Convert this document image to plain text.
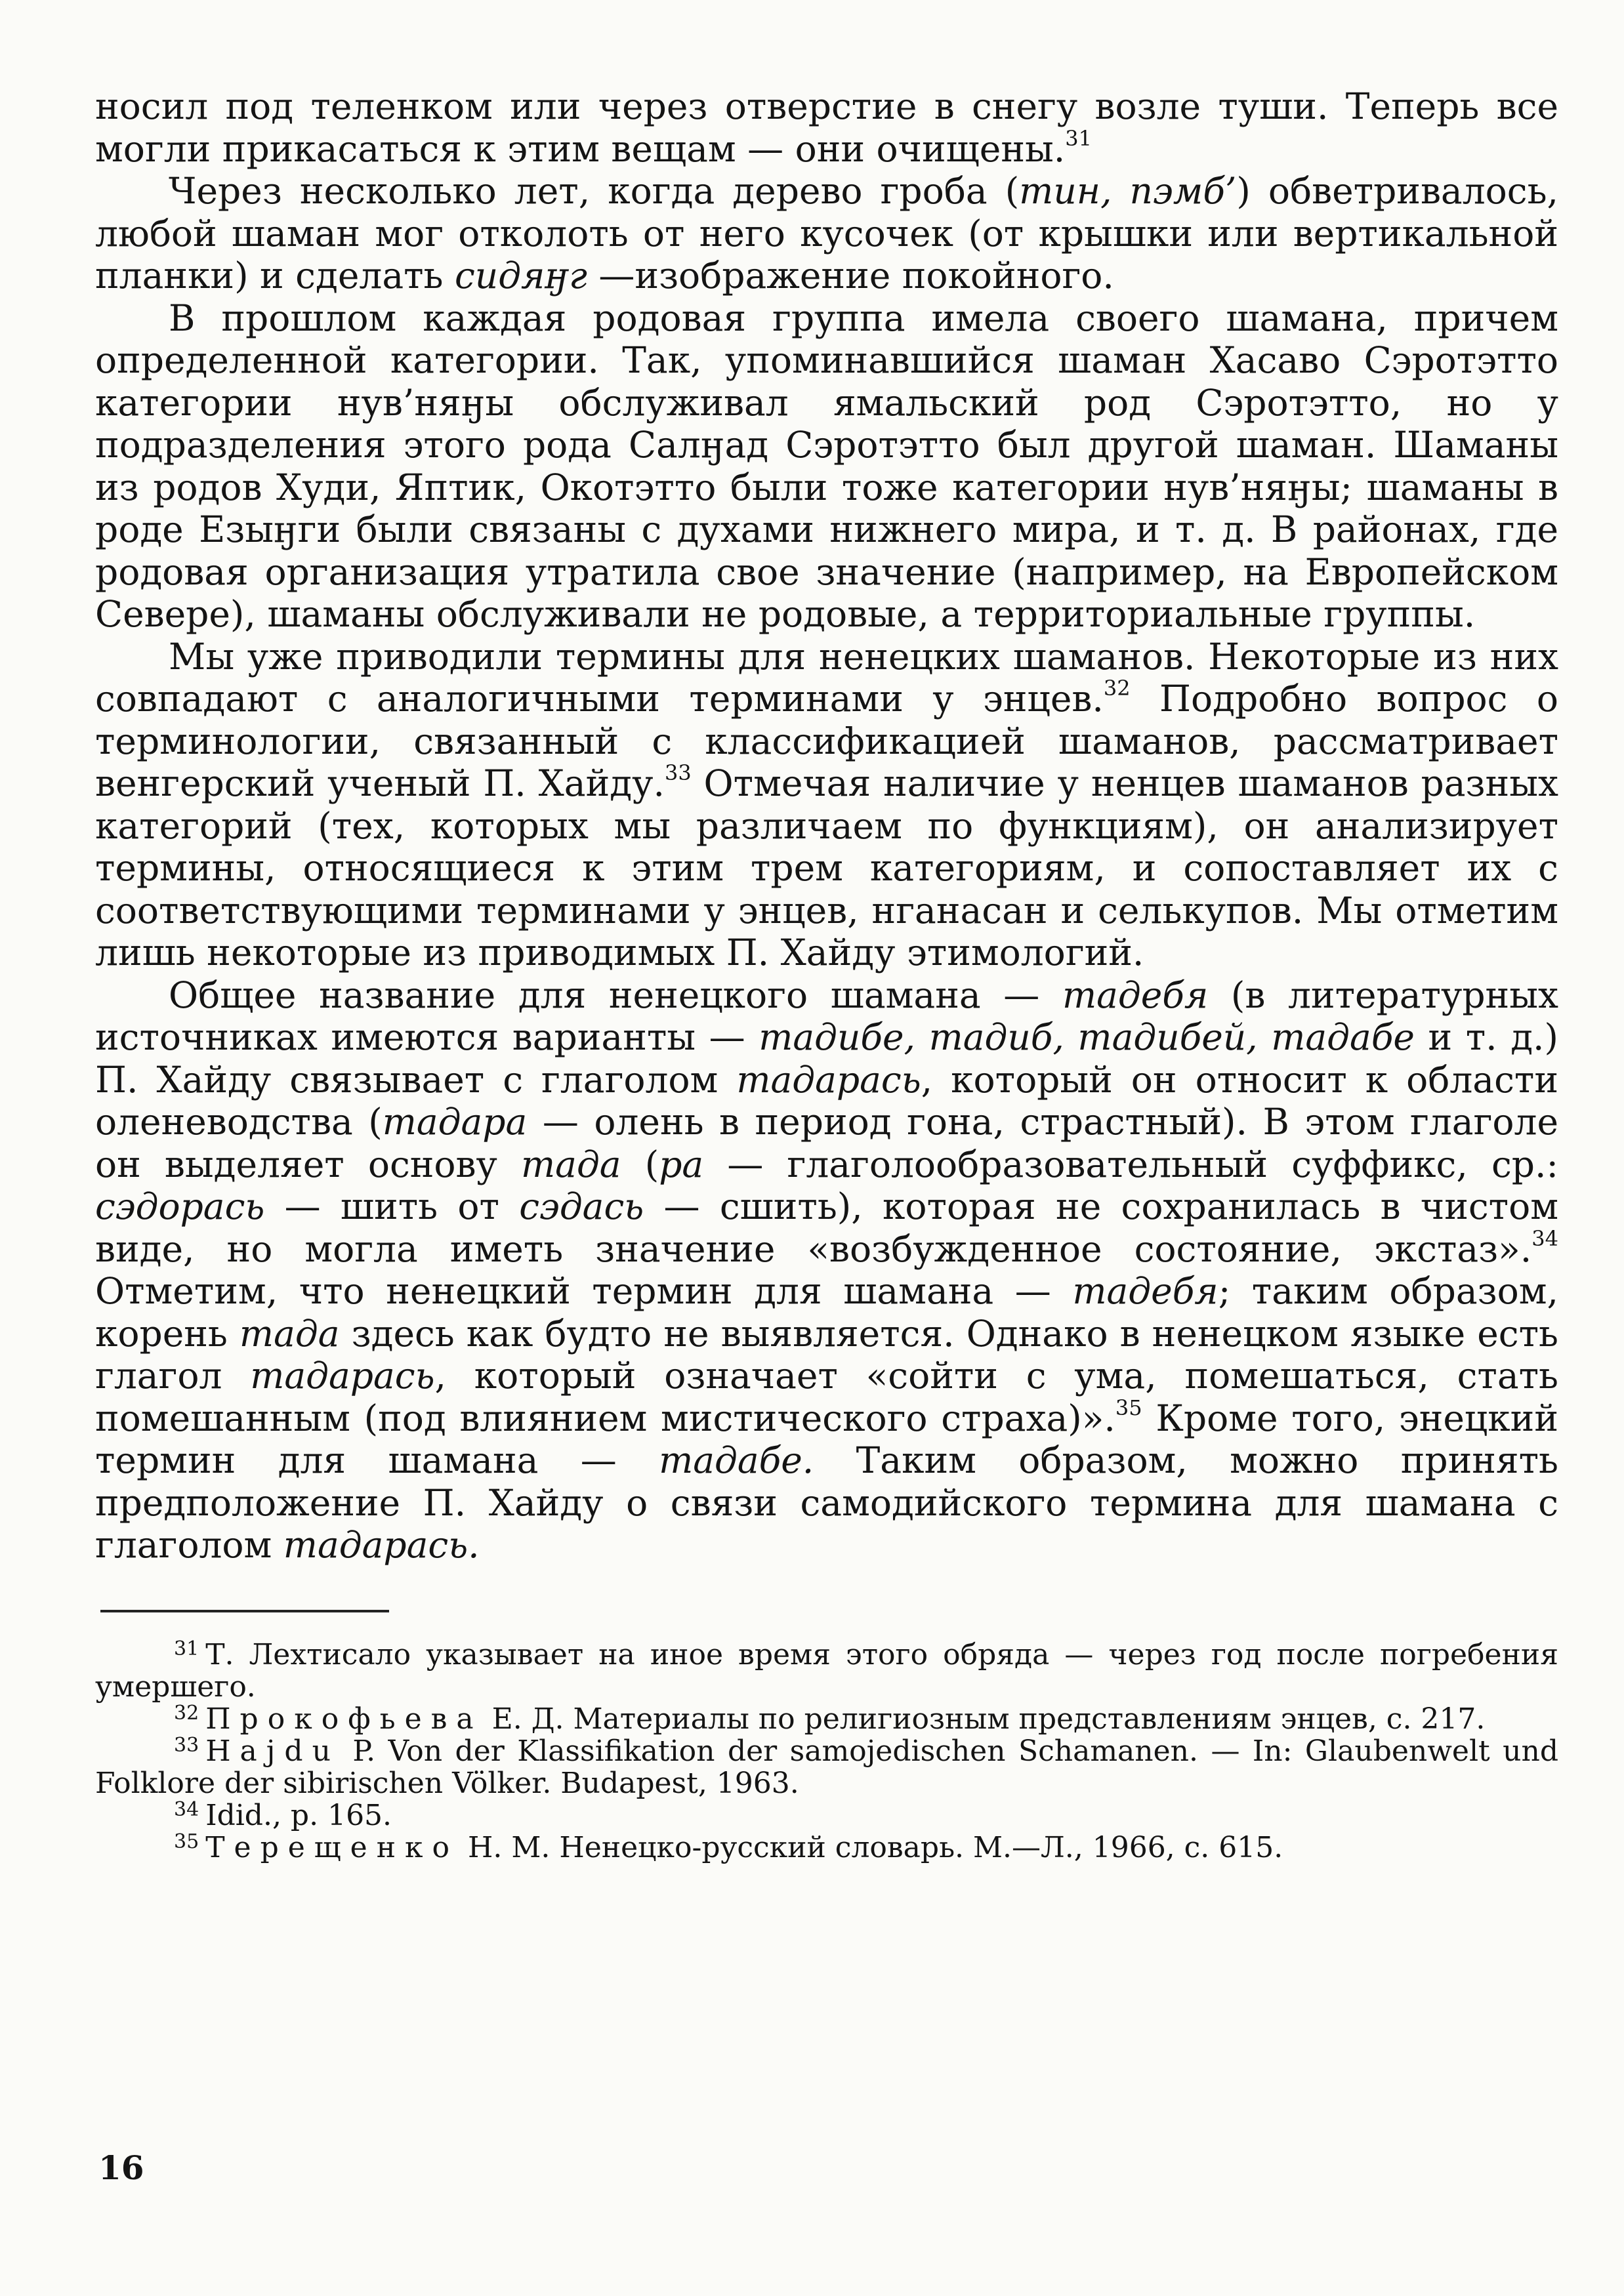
носил под теленком или через отверстие в снегу возле туши. Теперь все могли прикасаться к этим вещам — они очищены.$^{31}$

Через несколько лет, когда дерево гроба (тин, пэмб’) обветривалось, любой шаман мог отколоть от него кусочек (от крышки или вертикальной планки) и сделать сидяӈг —изображение покойного.

В прошлом каждая родовая группа имела своего шамана, причем определенной категории. Так, упоминавшийся шаман Хасаво Сэротэтто категории нув’няӈы обслуживал ямальский род Сэротэтто, но у подразделения этого рода Салӈад Сэротэтто был другой шаман. Шаманы из родов Худи, Яптик, Окотэтто были тоже категории нув’няӈы; шаманы в роде Езыӈги были связаны с духами нижнего мира, и т. д. В районах, где родовая организация утратила свое значение (например, на Европейском Севере), шаманы обслуживали не родовые, а территориальные группы.

Мы уже приводили термины для ненецких шаманов. Некоторые из них совпадают с аналогичными терминами у энцев.$^{32}$ Подробно вопрос о терминологии, связанный с классификацией шаманов, рассматривает венгерский ученый П. Хайду.$^{33}$ Отмечая наличие у ненцев шаманов разных категорий (тех, которых мы различаем по функциям), он анализирует термины, относящиеся к этим трем категориям, и сопоставляет их с соответствующими терминами у энцев, нганасан и селькупов. Мы отметим лишь некоторые из приводимых П. Хайду этимологий.

Общее название для ненецкого шамана — тадебя (в литературных источниках имеются варианты — тадибе, тадиб, тадибей, тадабе и т. д.) П. Хайду связывает с глаголом тадарась, который он относит к области оленеводства (тадара — олень в период гона, страстный). В этом глаголе он выделяет основу тада (ра — глаголообразовательный суффикс, ср.: сэдорась — шить от сэдась — сшить), которая не сохранилась в чистом виде, но могла иметь значение «возбужденное состояние, экстаз».$^{34}$ Отметим, что ненецкий термин для шамана — тадебя; таким образом, корень тада здесь как будто не выявляется. Однако в ненецком языке есть глагол тадарась, который означает «сойти с ума, помешаться, стать помешанным (под влиянием мистического страха)».$^{35}$ Кроме того, энецкий термин для шамана — тадабе. Таким образом, можно принять предположение П. Хайду о связи самодийского термина для шамана с глаголом тадарась.

$^{31}$ Т. Лехтисало указывает на иное время этого обряда — через год после погребения умершего.

$^{32}$ Прокофьева Е. Д. Материалы по религиозным представлениям энцев, с. 217.

$^{33}$ Hajdu P. Von der Klassifikation der samojedischen Schamanen. — In: Glaubenwelt und Folklore der sibirischen Völker. Budapest, 1963.

$^{34}$ Idid., p. 165.

$^{35}$ Терещенко Н. М. Ненецко-русский словарь. М.—Л., 1966, с. 615.

16
